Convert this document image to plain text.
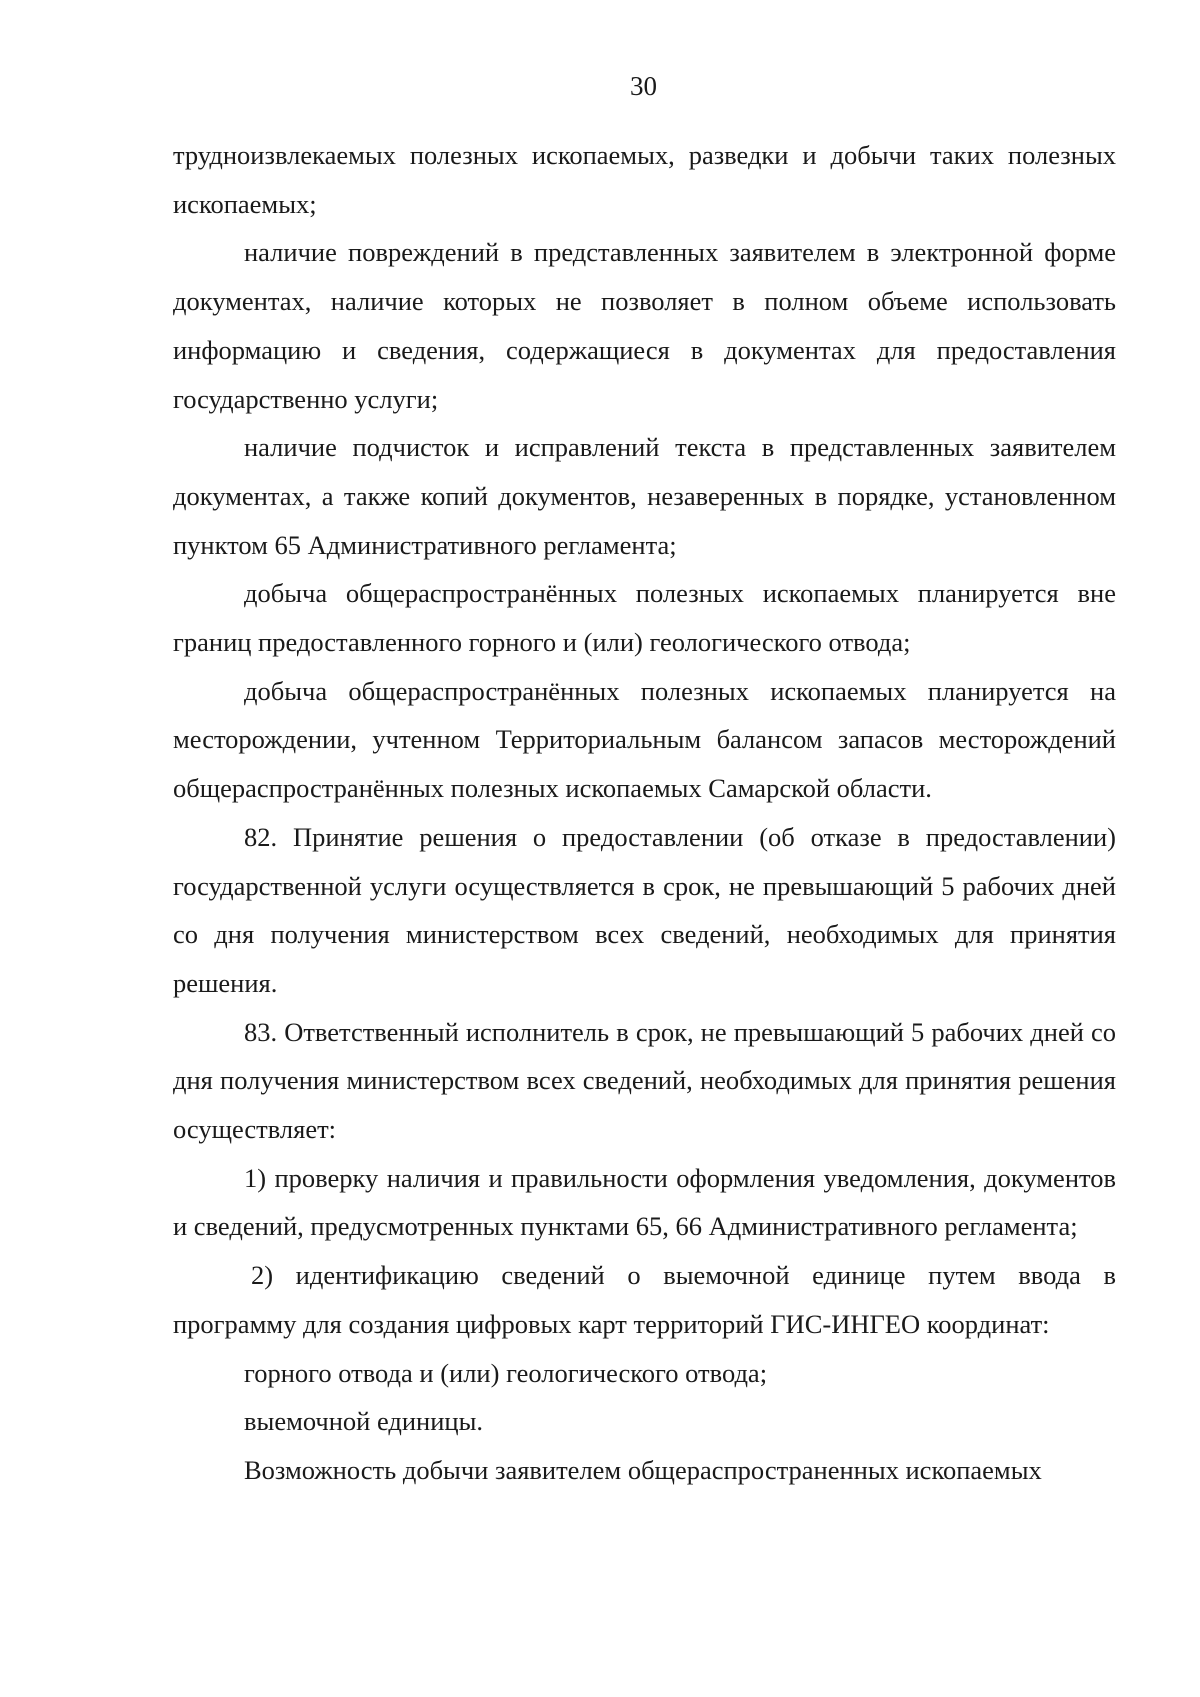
30

трудноизвлекаемых полезных ископаемых, разведки и добычи таких полезных ископаемых;

наличие повреждений в представленных заявителем в электронной форме документах, наличие которых не позволяет в полном объеме использовать информацию и сведения, содержащиеся в документах для предоставления государственно услуги;

наличие подчисток и исправлений текста в представленных заявителем документах, а также копий документов, незаверенных в порядке, установленном пунктом 65 Административного регламента;

добыча общераспространённых полезных ископаемых планируется вне границ предоставленного горного и (или) геологического отвода;

добыча общераспространённых полезных ископаемых планируется на месторождении, учтенном Территориальным балансом запасов месторождений общераспространённых полезных ископаемых Самарской области.

82. Принятие решения о предоставлении (об отказе в предоставлении) государственной услуги осуществляется в срок, не превышающий 5 рабочих дней со дня получения министерством всех сведений, необходимых для принятия решения.

83. Ответственный исполнитель в срок, не превышающий 5 рабочих дней со дня получения министерством всех сведений, необходимых для принятия решения осуществляет:

1) проверку наличия и правильности оформления уведомления, документов и сведений, предусмотренных пунктами 65, 66 Административного регламента;

2) идентификацию сведений о выемочной единице путем ввода в программу для создания цифровых карт территорий ГИС-ИНГЕО координат:

горного отвода и (или) геологического отвода;

выемочной единицы.

Возможность добычи заявителем общераспространенных ископаемых
